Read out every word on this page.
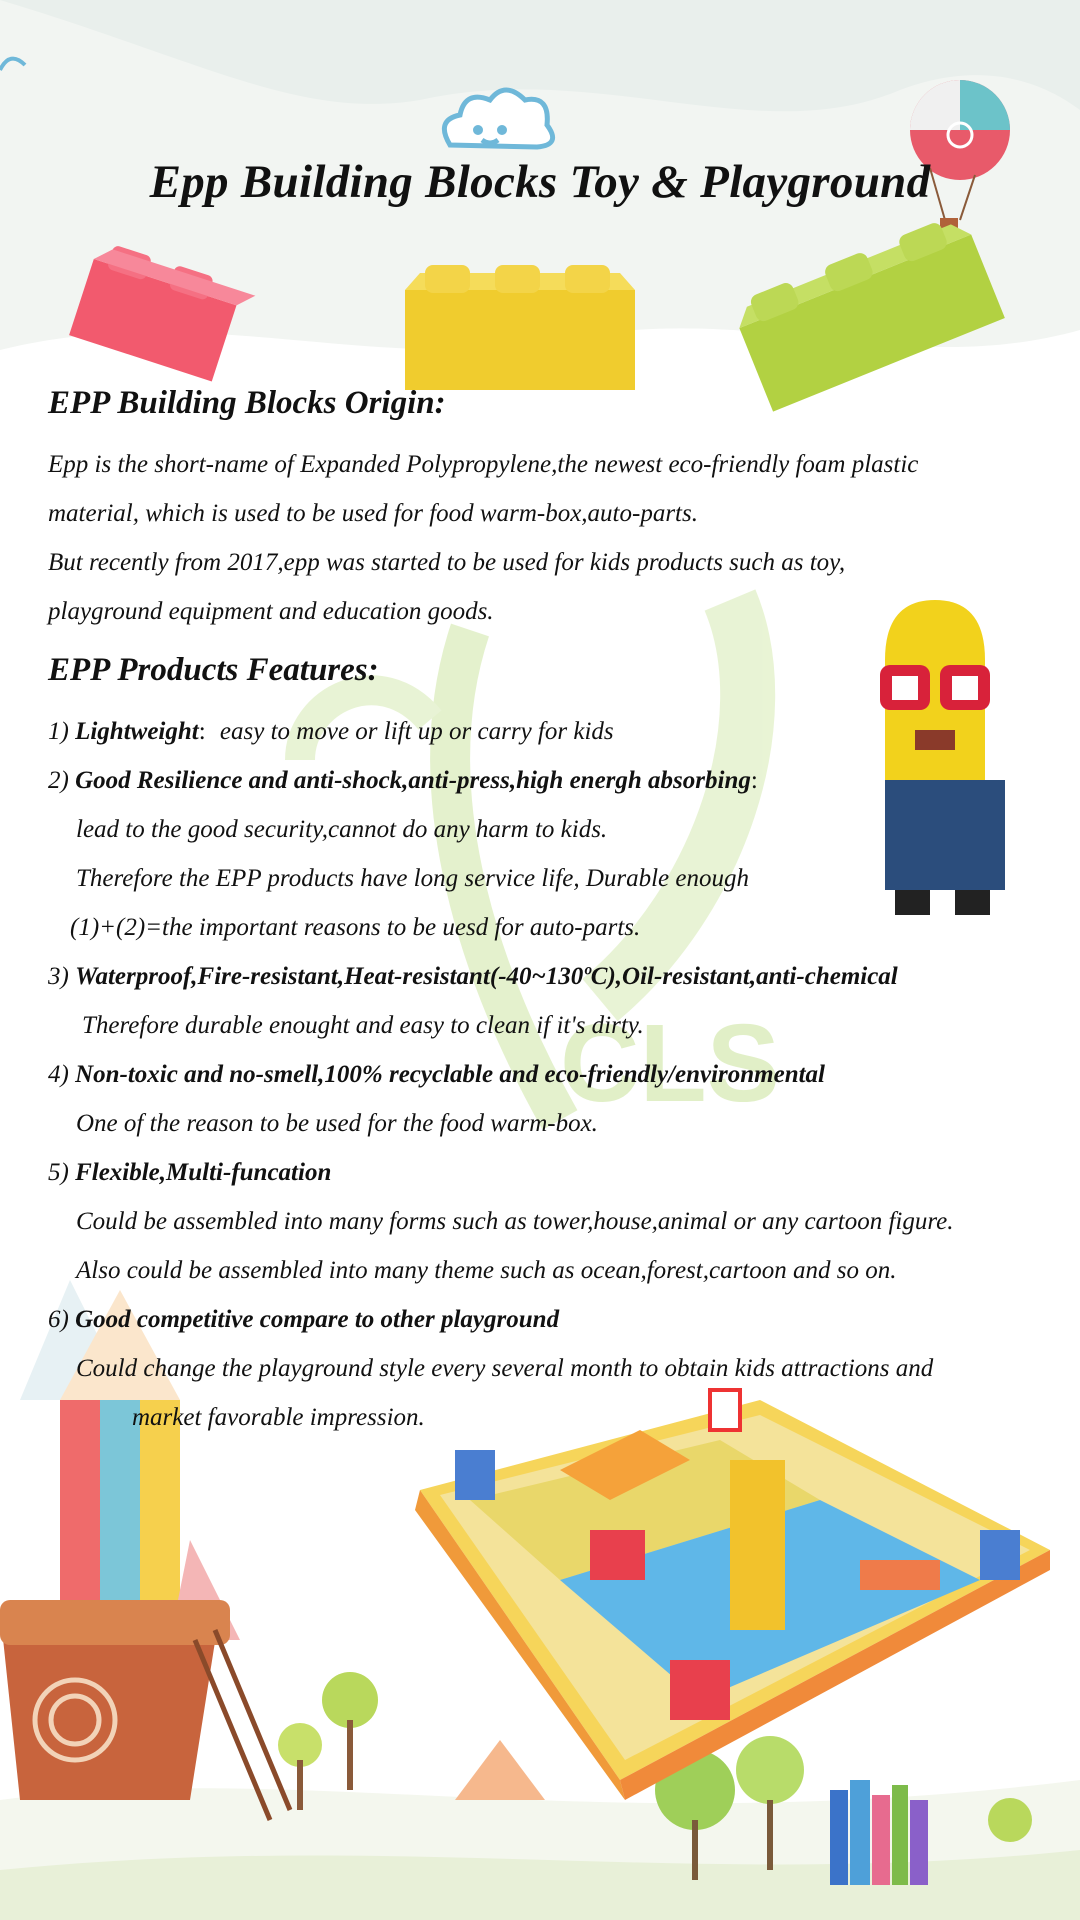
CLS
Epp Building Blocks Toy & Playground
EPP Building Blocks Origin:
Epp is the short-name of Expanded Polypropylene,the newest eco-friendly foam plastic
material, which is used to be used for food warm-box,auto-parts.
But recently from 2017,epp was started to be used for kids products such as toy,
playground equipment and education goods.
EPP Products Features:
1) Lightweight: easy to move or lift up or carry for kids
2) Good Resilience and anti-shock,anti-press,high energh absorbing:
lead to the good security,cannot do any harm to kids.
Therefore the EPP products have long service life, Durable enough
(1)+(2)=the important reasons to be uesd for auto-parts.
3) Waterproof,Fire-resistant,Heat-resistant(-40~130ºC),Oil-resistant,anti-chemical
Therefore durable enought and easy to clean if it's dirty.
4) Non-toxic and no-smell,100% recyclable and eco-friendly/environmental
One of the reason to be used for the food warm-box.
5) Flexible,Multi-funcation
Could be assembled into many forms such as tower,house,animal or any cartoon figure.
Also could be assembled into many theme such as ocean,forest,cartoon and so on.
6) Good competitive compare to other playground
Could change the playground style every several month to obtain kids attractions and
market favorable impression.
